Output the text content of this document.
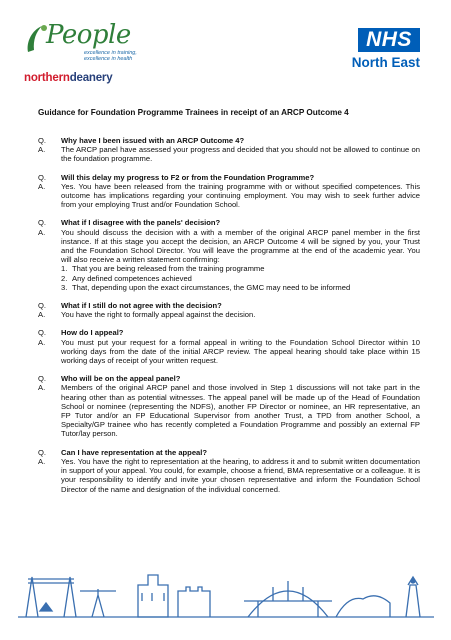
People
excellence in training,
excellence in health
northerndeanery
NHS
North East
Guidance for Foundation Programme Trainees in receipt of an ARCP Outcome 4
Q.	Why have I been issued with an ARCP Outcome 4?
A.	The ARCP panel have assessed your progress and decided that you should not be allowed to continue on the foundation programme.
Q.	Will this delay my progress to F2 or from the Foundation Programme?
A.	Yes. You have been released from the training programme with or without specified competences. This outcome has implications regarding your continuing employment. You may wish to seek further advice from your employing Trust and/or Foundation School.
Q.	What if I disagree with the panels' decision?
A.	You should discuss the decision with a with a member of the original ARCP panel member in the first instance. If at this stage you accept the decision, an ARCP Outcome 4 will be signed by you, your Trust and the Foundation School Director. You will leave the programme at the end of the academic year. You will also receive a written statement confirming:
1. That you are being released from the training programme
2. Any defined competences achieved
3. That, depending upon the exact circumstances, the GMC may need to be informed
Q.	What if I still do not agree with the decision?
A.	You have the right to formally appeal against the decision.
Q.	How do I appeal?
A.	You must put your request for a formal appeal in writing to the Foundation School Director within 10 working days from the date of the initial ARCP review. The appeal hearing should take place within 15 working days of receipt of your written request.
Q.	Who will be on the appeal panel?
A.	Members of the original ARCP panel and those involved in Step 1 discussions will not take part in the hearing other than as potential witnesses. The appeal panel will be made up of the Head of Foundation School or nominee (representing the NDFS), another FP Director or nominee, an HR representative, an FP Tutor and/or an FP Educational Supervisor from another Trust, a TPD from another School, a Specialty/GP trainee who has recently completed a Foundation Programme and possibly an external FP Tutor/lay person.
Q.	Can I have representation at the appeal?
A.	Yes. You have the right to representation at the hearing, to address it and to submit written documentation in support of your appeal. You could, for example, choose a friend, BMA representative or a colleague. It is your responsibility to identify and invite your chosen representative and inform the Foundation School Director of the name and designation of the individual concerned.
